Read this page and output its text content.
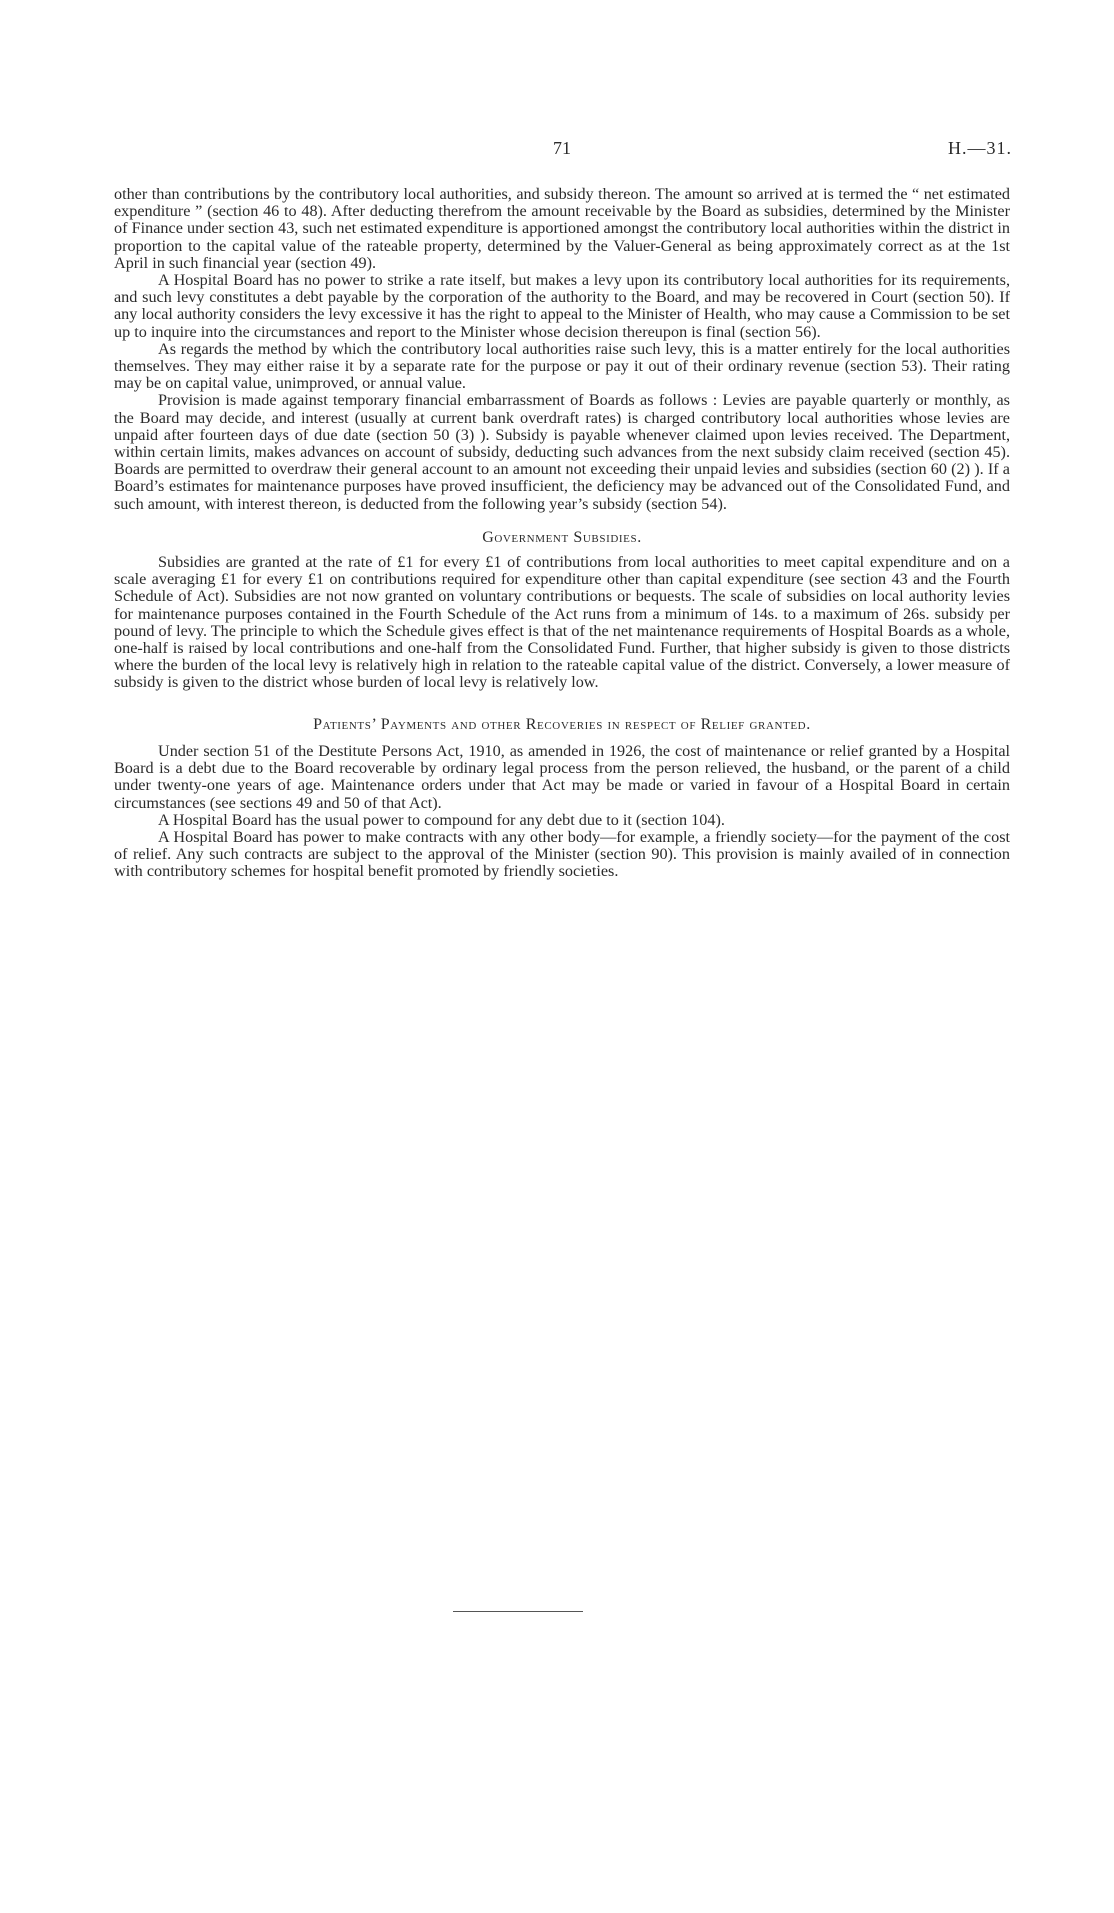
71	H.—31.

other than contributions by the contributory local authorities, and subsidy thereon. The amount so arrived at is termed the “ net estimated expenditure ” (section 46 to 48). After deducting therefrom the amount receivable by the Board as subsidies, determined by the Minister of Finance under section 43, such net estimated expenditure is apportioned amongst the contributory local authorities within the district in proportion to the capital value of the rateable property, determined by the Valuer-General as being approximately correct as at the 1st April in such financial year (section 49).

A Hospital Board has no power to strike a rate itself, but makes a levy upon its contributory local authorities for its requirements, and such levy constitutes a debt payable by the corporation of the authority to the Board, and may be recovered in Court (section 50). If any local authority considers the levy excessive it has the right to appeal to the Minister of Health, who may cause a Commission to be set up to inquire into the circumstances and report to the Minister whose decision thereupon is final (section 56).

As regards the method by which the contributory local authorities raise such levy, this is a matter entirely for the local authorities themselves. They may either raise it by a separate rate for the purpose or pay it out of their ordinary revenue (section 53). Their rating may be on capital value, unimproved, or annual value.

Provision is made against temporary financial embarrassment of Boards as follows : Levies are payable quarterly or monthly, as the Board may decide, and interest (usually at current bank overdraft rates) is charged contributory local authorities whose levies are unpaid after fourteen days of due date (section 50 (3) ). Subsidy is payable whenever claimed upon levies received. The Department, within certain limits, makes advances on account of subsidy, deducting such advances from the next subsidy claim received (section 45). Boards are permitted to overdraw their general account to an amount not exceeding their unpaid levies and subsidies (section 60 (2) ). If a Board’s estimates for maintenance purposes have proved insufficient, the deficiency may be advanced out of the Consolidated Fund, and such amount, with interest thereon, is deducted from the following year’s subsidy (section 54).

Government Subsidies.

Subsidies are granted at the rate of £1 for every £1 of contributions from local authorities to meet capital expenditure and on a scale averaging £1 for every £1 on contributions required for expenditure other than capital expenditure (see section 43 and the Fourth Schedule of Act). Subsidies are not now granted on voluntary contributions or bequests. The scale of subsidies on local authority levies for maintenance purposes contained in the Fourth Schedule of the Act runs from a minimum of 14s. to a maximum of 26s. subsidy per pound of levy. The principle to which the Schedule gives effect is that of the net maintenance requirements of Hospital Boards as a whole, one-half is raised by local contributions and one-half from the Consolidated Fund. Further, that higher subsidy is given to those districts where the burden of the local levy is relatively high in relation to the rateable capital value of the district. Conversely, a lower measure of subsidy is given to the district whose burden of local levy is relatively low.

Patients’ Payments and other Recoveries in respect of Relief granted.

Under section 51 of the Destitute Persons Act, 1910, as amended in 1926, the cost of maintenance or relief granted by a Hospital Board is a debt due to the Board recoverable by ordinary legal process from the person relieved, the husband, or the parent of a child under twenty-one years of age. Maintenance orders under that Act may be made or varied in favour of a Hospital Board in certain circumstances (see sections 49 and 50 of that Act).

A Hospital Board has the usual power to compound for any debt due to it (section 104).

A Hospital Board has power to make contracts with any other body—for example, a friendly society—for the payment of the cost of relief. Any such contracts are subject to the approval of the Minister (section 90). This provision is mainly availed of in connection with contributory schemes for hospital benefit promoted by friendly societies.
